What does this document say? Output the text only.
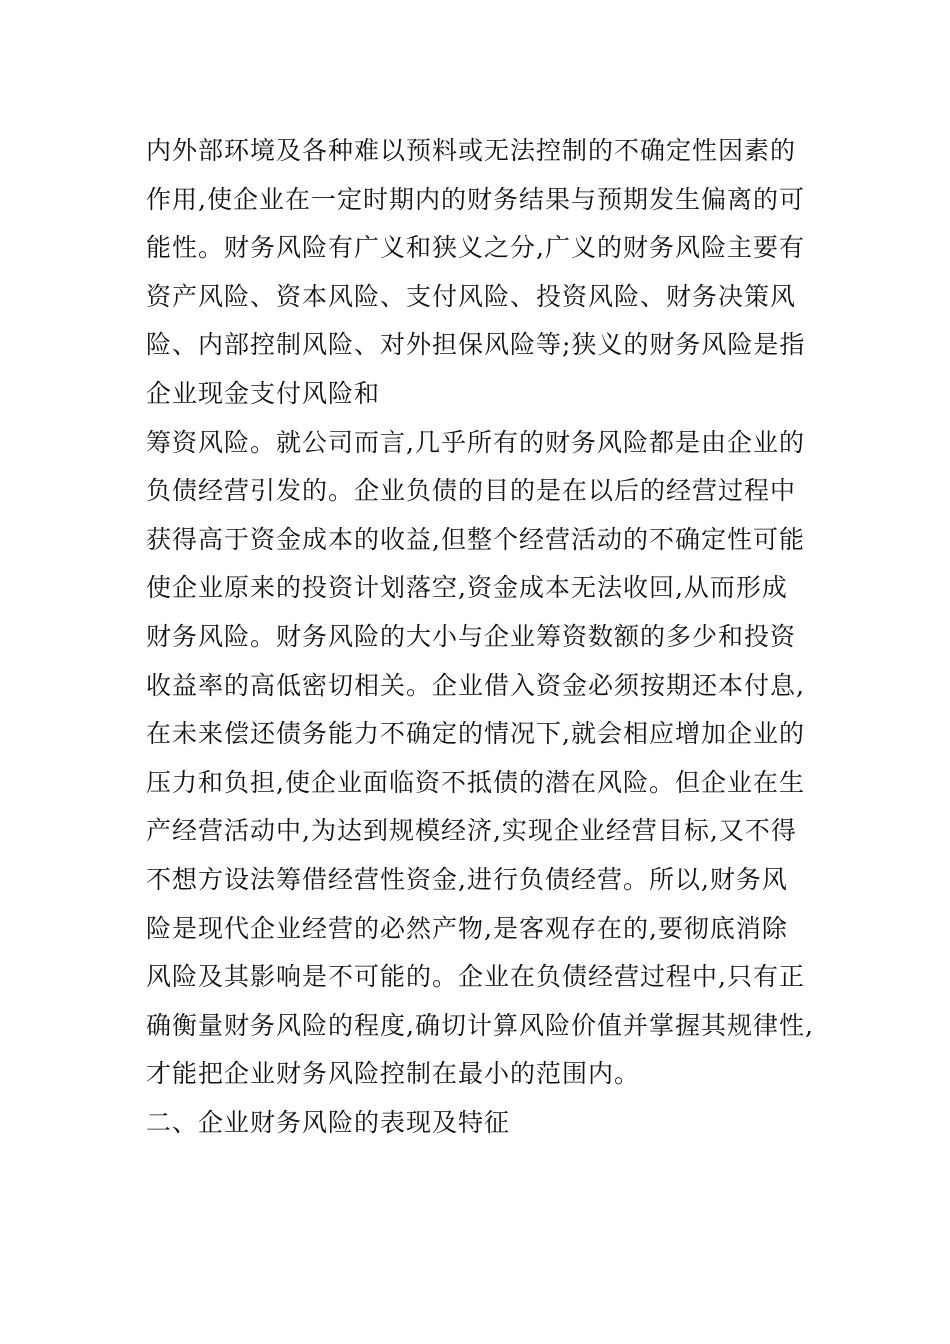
内外部环境及各种难以预料或无法控制的不确定性因素的
作用,使企业在一定时期内的财务结果与预期发生偏离的可
能性。财务风险有广义和狭义之分,广义的财务风险主要有
资产风险、资本风险、支付风险、投资风险、财务决策风
险、内部控制风险、对外担保风险等;狭义的财务风险是指
企业现金支付风险和
筹资风险。就公司而言,几乎所有的财务风险都是由企业的
负债经营引发的。企业负债的目的是在以后的经营过程中
获得高于资金成本的收益,但整个经营活动的不确定性可能
使企业原来的投资计划落空,资金成本无法收回,从而形成
财务风险。财务风险的大小与企业筹资数额的多少和投资
收益率的高低密切相关。企业借入资金必须按期还本付息,
在未来偿还债务能力不确定的情况下,就会相应增加企业的
压力和负担,使企业面临资不抵债的潜在风险。但企业在生
产经营活动中,为达到规模经济,实现企业经营目标,又不得
不想方设法筹借经营性资金,进行负债经营。所以,财务风
险是现代企业经营的必然产物,是客观存在的,要彻底消除
风险及其影响是不可能的。企业在负债经营过程中,只有正
确衡量财务风险的程度,确切计算风险价值并掌握其规律性,
才能把企业财务风险控制在最小的范围内。
二、企业财务风险的表现及特征
